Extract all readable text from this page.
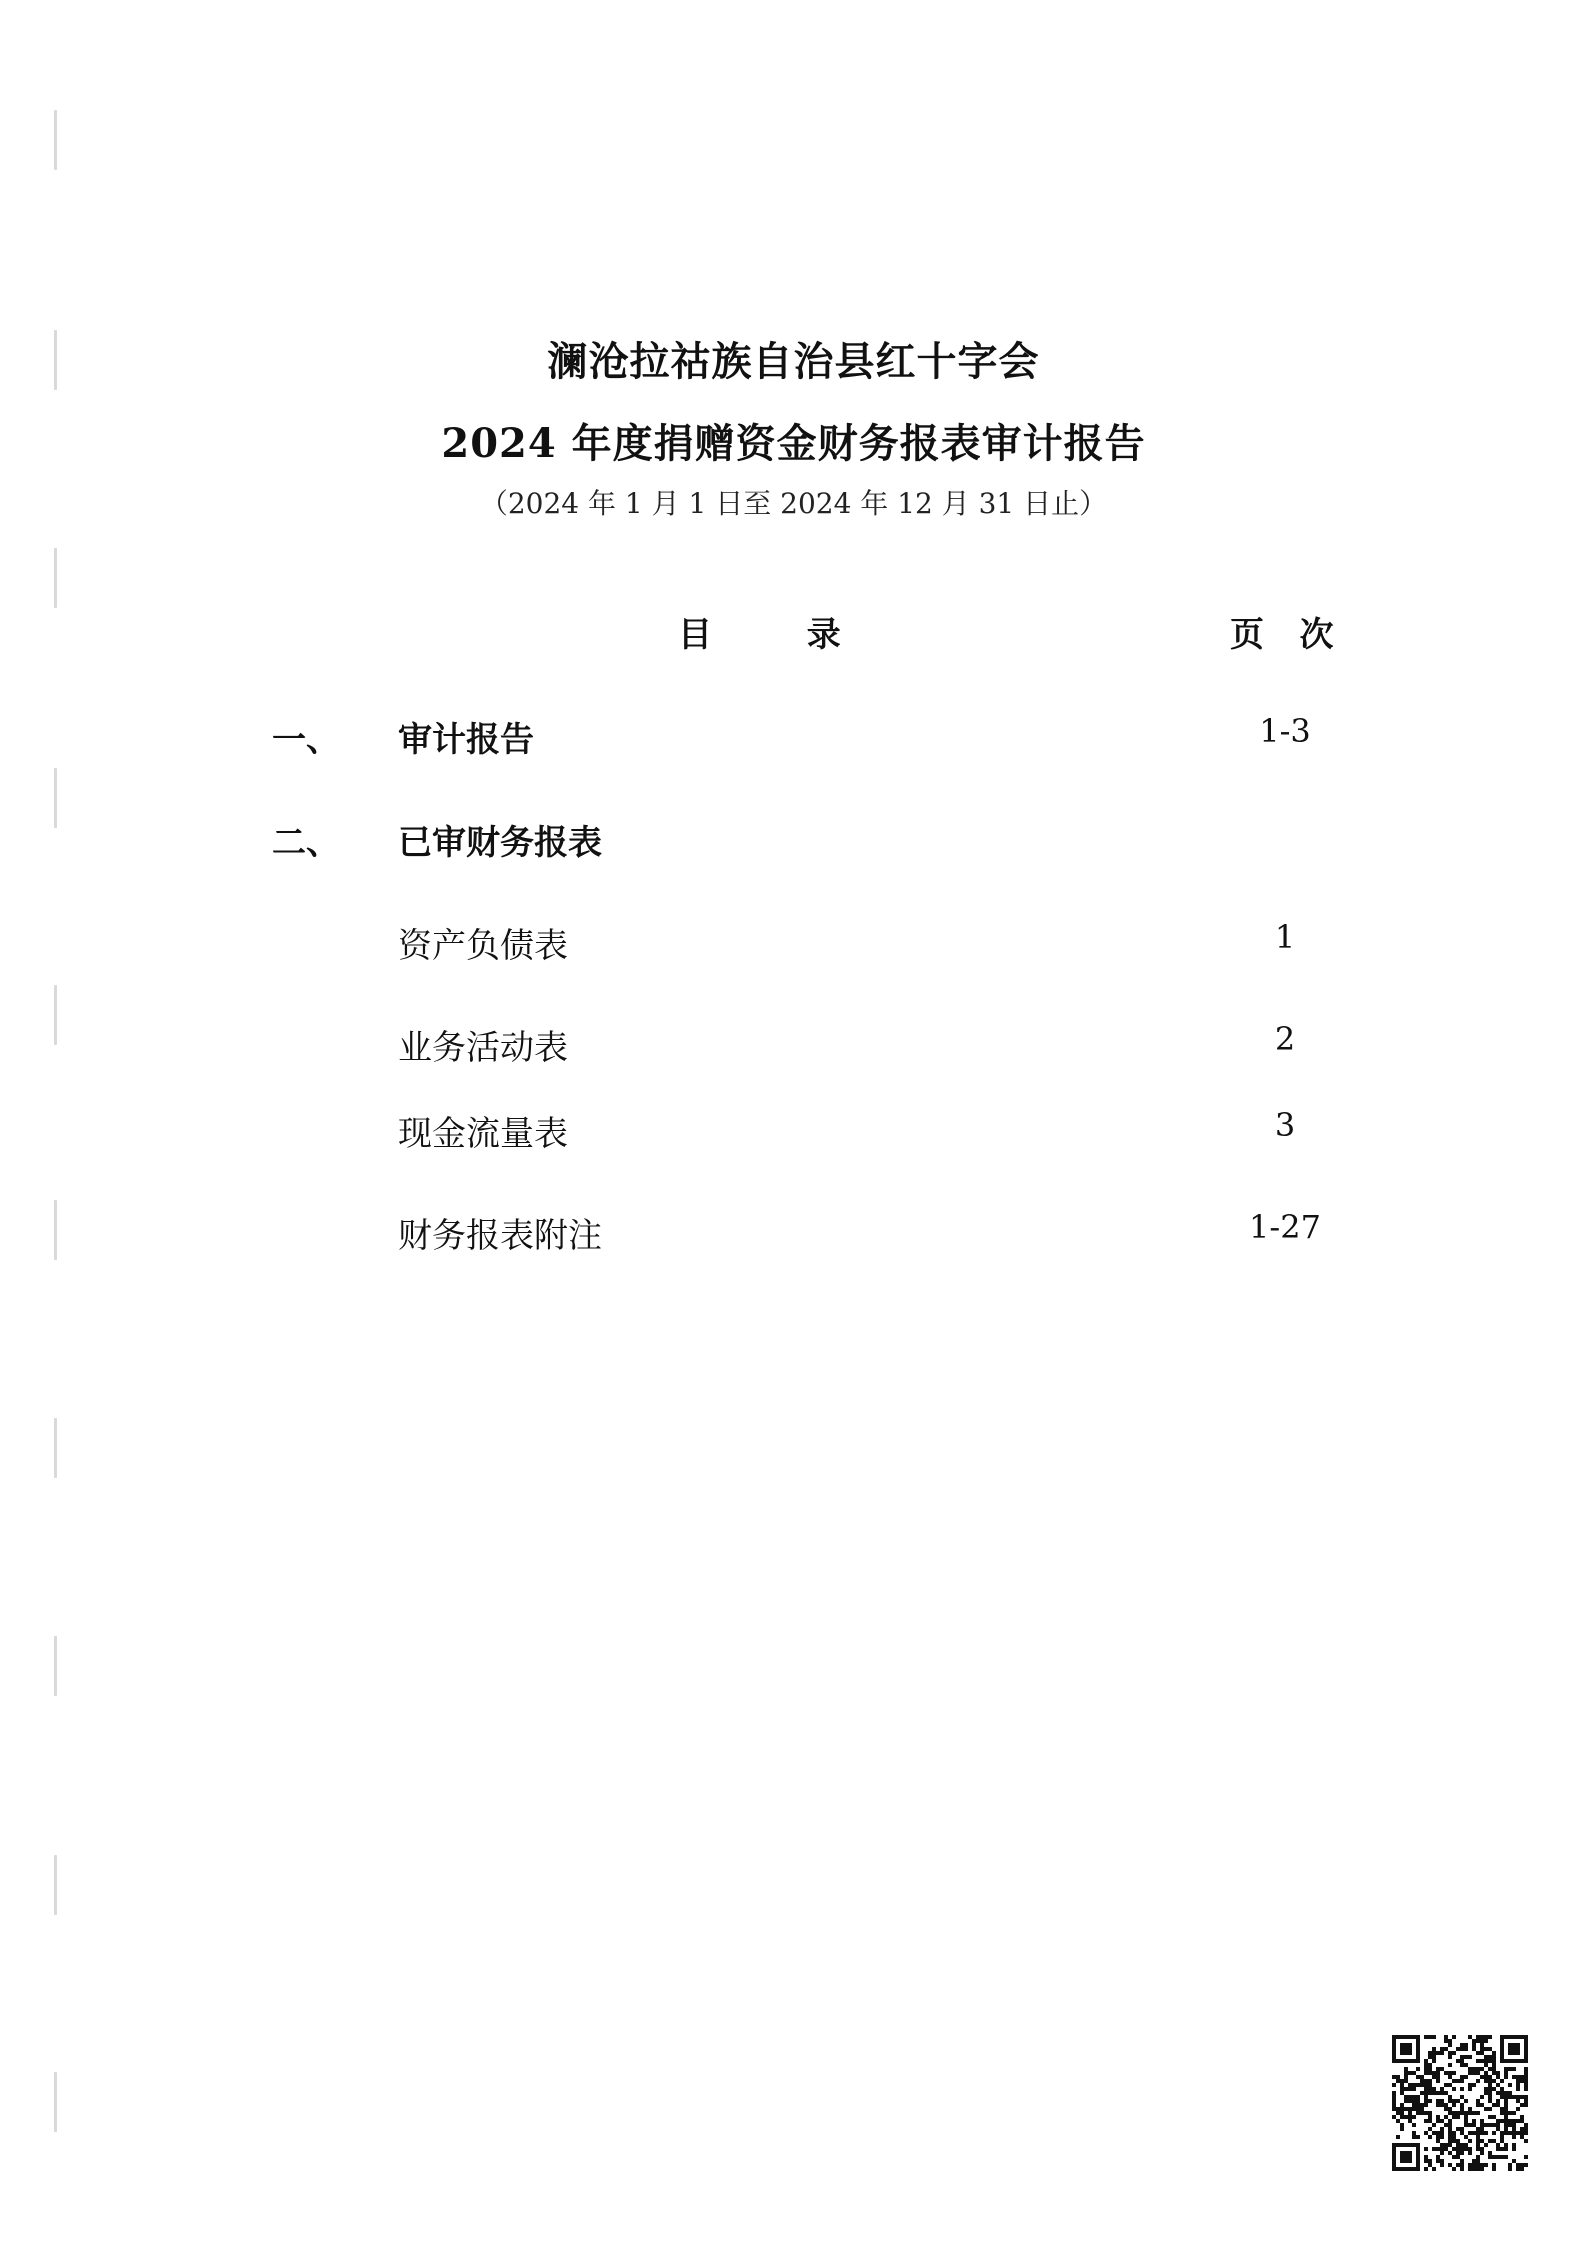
澜沧拉祜族自治县红十字会
2024 年度捐赠资金财务报表审计报告
（2024 年 1 月 1 日至 2024 年 12 月 31 日止）
目        录	页   次
一、 审计报告	1-3
二、 已审财务报表
资产负债表	1
业务活动表	2
现金流量表	3
财务报表附注	1-27
